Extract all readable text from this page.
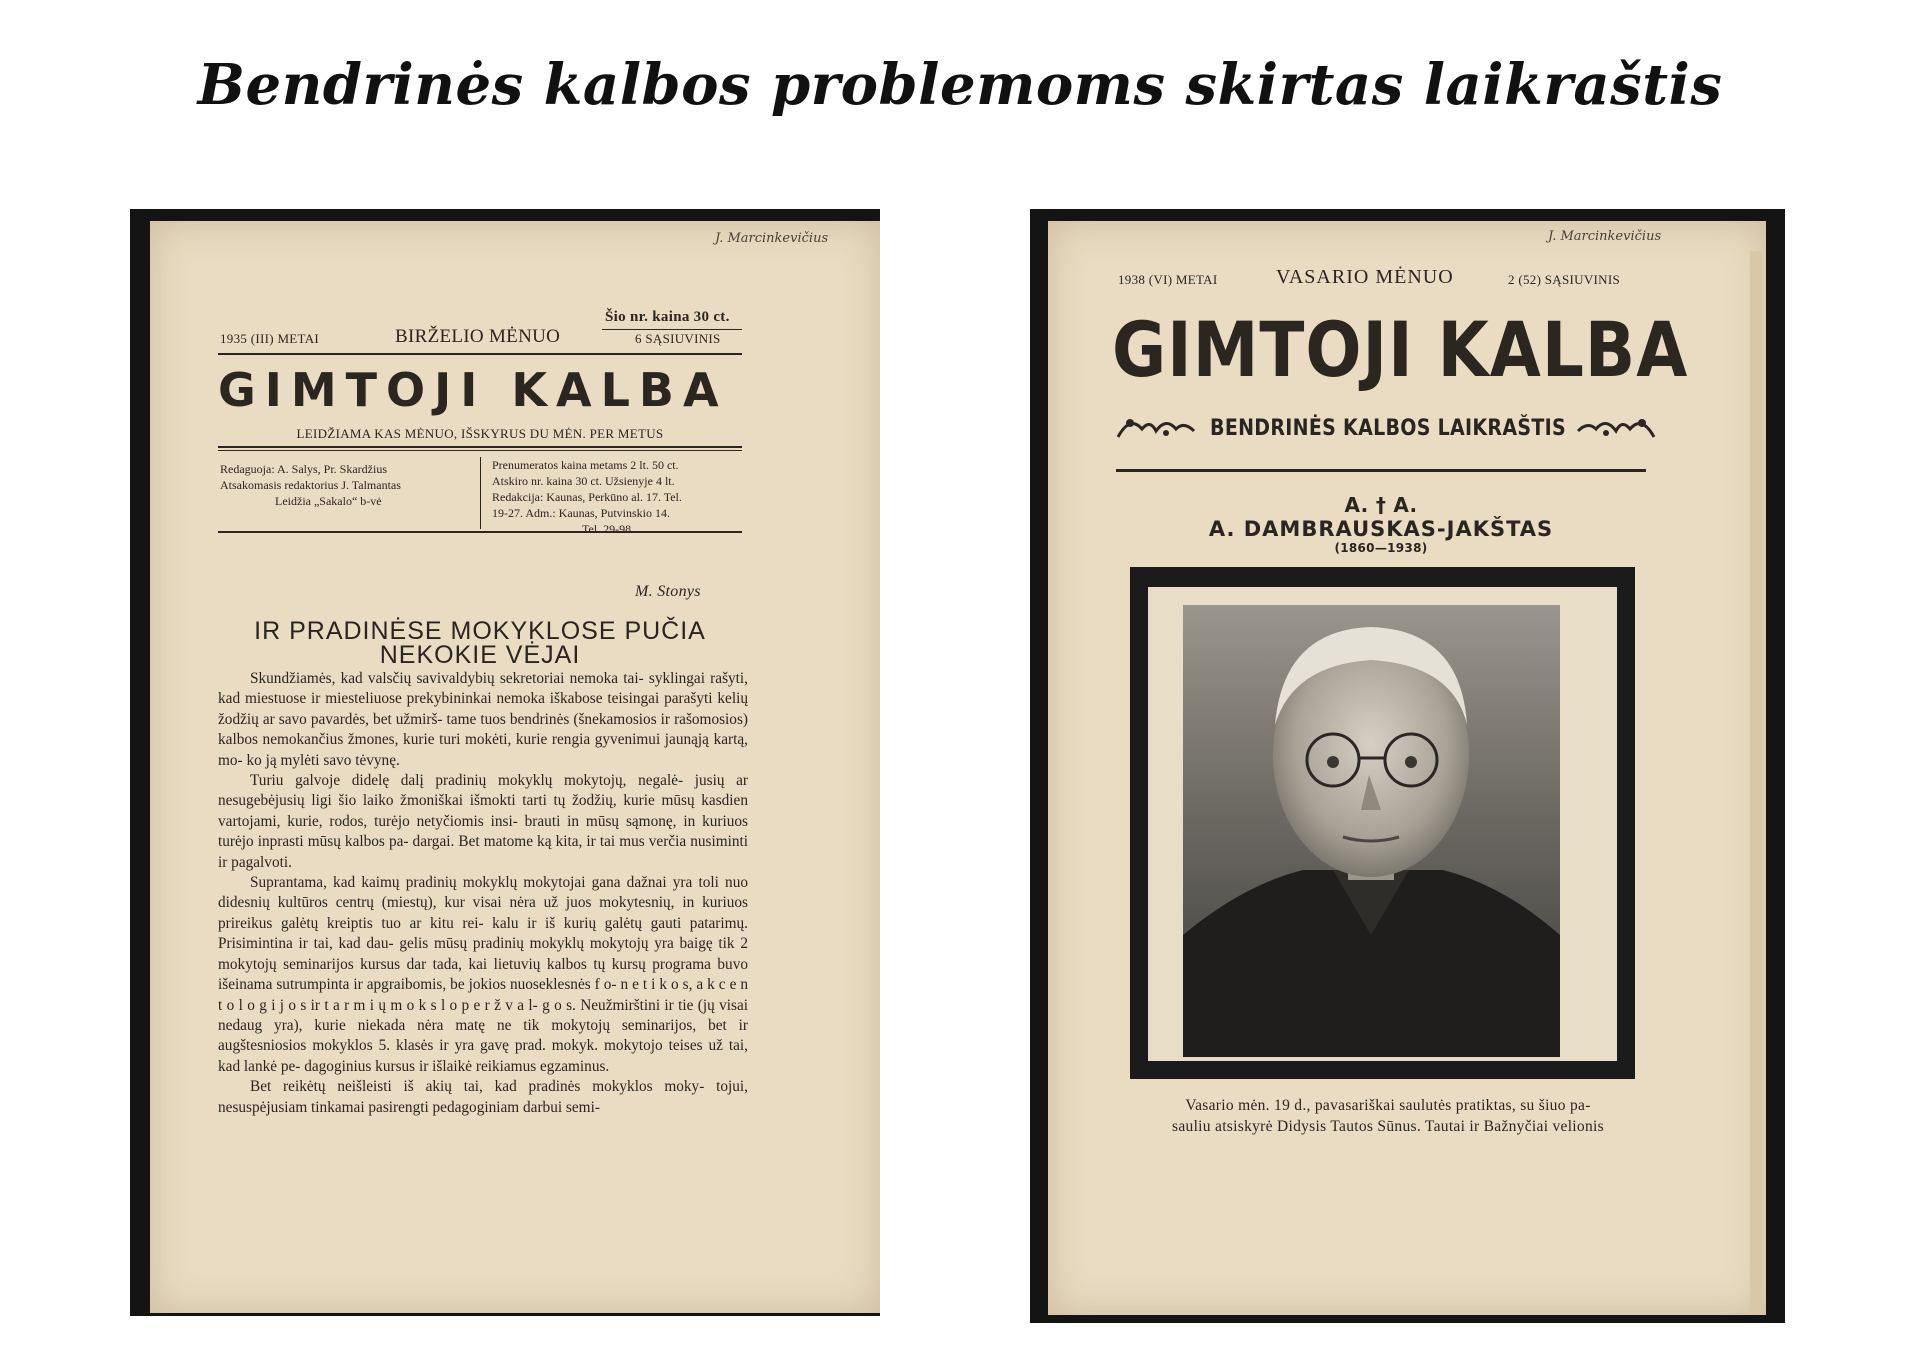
Bendrinės kalbos problemoms skirtas laikraštis
J. Marcinkevičius
Šio nr. kaina 30 ct.
1935 (III) METAI	BIRŽELIO MĖNUO	6 SĄSIUVINIS
GIMTOJI KALBA
LEIDŽIAMA KAS MĖNUO, IŠSKYRUS DU MĖN. PER METUS
Redaguoja: A. Salys, Pr. Skardžius
Atsakomasis redaktorius J. Talmantas
Leidžia „Sakalo“ b-vė
Prenumeratos kaina metams 2 lt. 50 ct.
Atskiro nr. kaina 30 ct. Užsienyje 4 lt.
Redakcija: Kaunas, Perkūno al. 17. Tel.
19-27. Adm.: Kaunas, Putvinskio 14.
Tel. 29-98
M. Stonys
IR PRADINĖSE MOKYKLOSE PUČIA
NEKOKIE VĖJAI

Skundžiamės, kad valsčių savivaldybių sekretoriai nemoka tai- syklingai rašyti, kad miestuose ir miesteliuose prekybininkai nemoka iškabose teisingai parašyti kelių žodžių ar savo pavardės, bet užmirš- tame tuos bendrinės (šnekamosios ir rašomosios) kalbos nemokančius žmones, kurie turi mokėti, kurie rengia gyvenimui jaunąją kartą, mo- ko ją mylėti savo tėvynę.

Turiu galvoje didelę dalį pradinių mokyklų mokytojų, negalė- jusių ar nesugebėjusių ligi šio laiko žmoniškai išmokti tarti tų žodžių, kurie mūsų kasdien vartojami, kurie, rodos, turėjo netyčiomis insi- brauti in mūsų sąmonę, in kuriuos turėjo inprasti mūsų kalbos pa- dargai. Bet matome ką kita, ir tai mus verčia nusiminti ir pagalvoti.

Suprantama, kad kaimų pradinių mokyklų mokytojai gana dažnai yra toli nuo didesnių kultūros centrų (miestų), kur visai nėra už juos mokytesnių, in kuriuos prireikus galėtų kreiptis tuo ar kitu rei- kalu ir iš kurių galėtų gauti patarimų. Prisimintina ir tai, kad dau- gelis mūsų pradinių mokyklų mokytojų yra baigę tik 2 mokytojų seminarijos kursus dar tada, kai lietuvių kalbos tų kursų programa buvo išeinama sutrumpinta ir apgraibomis, be jokios nuoseklesnės f o- n e t i k o s, a k c e n t o l o g i j o s ir t a r m i ų m o k s l o p e r ž v a l- g o s. Neužmirštini ir tie (jų visai nedaug yra), kurie niekada nėra matę ne tik mokytojų seminarijos, bet ir augštesniosios mokyklos 5. klasės ir yra gavę prad. mokyk. mokytojo teises už tai, kad lankė pe- dagoginius kursus ir išlaikė reikiamus egzaminus.

Bet reikėtų neišleisti iš akių tai, kad pradinės mokyklos moky- tojui, nesuspėjusiam tinkamai pasirengti pedagoginiam darbui semi-

J. Marcinkevičius
1938 (VI) METAI	VASARIO MĖNUO	2 (52) SĄSIUVINIS
GIMTOJI KALBA
BENDRINĖS KALBOS LAIKRAŠTIS
A. † A.
A. DAMBRAUSKAS-JAKŠTAS
(1860—1938)
Vasario mėn. 19 d., pavasariškai saulutės pratiktas, su šiuo pa-
sauliu atsiskyrė Didysis Tautos Sūnus. Tautai ir Bažnyčiai velionis
